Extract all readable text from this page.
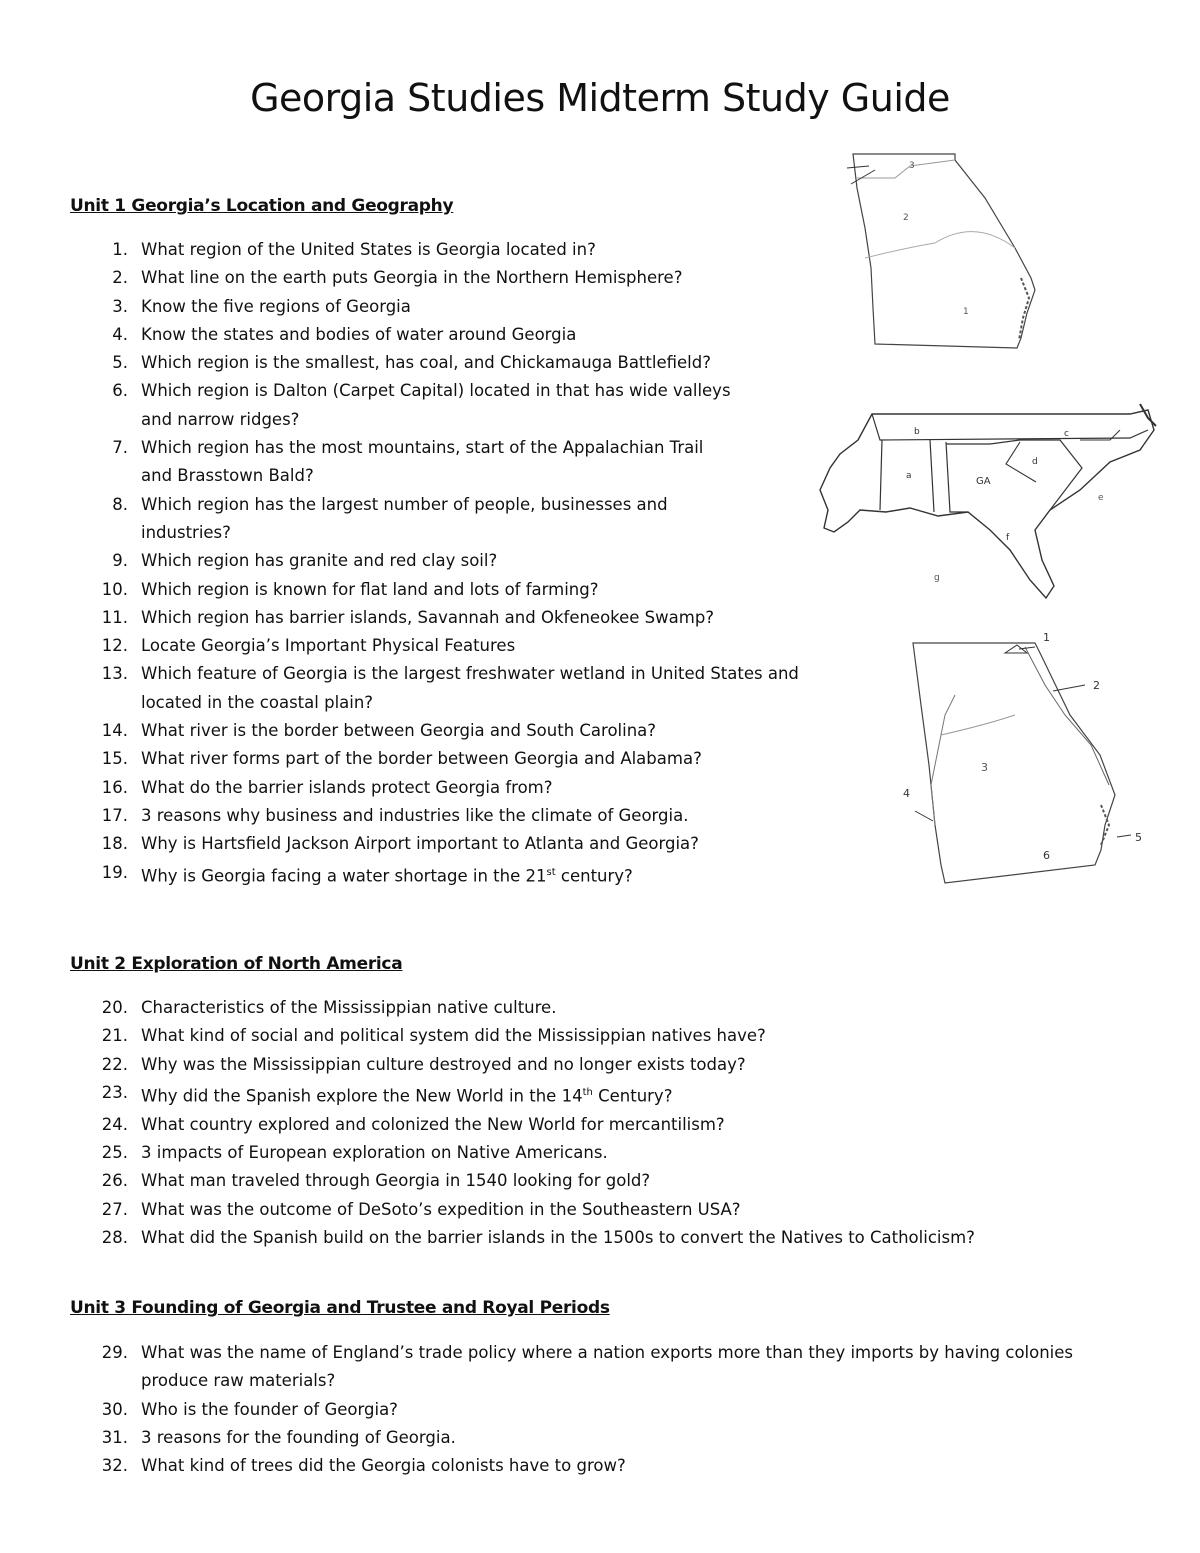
Georgia Studies Midterm Study Guide
Unit 1 Georgia’s Location and Geography
1. What region of the United States is Georgia located in?
2. What line on the earth puts Georgia in the Northern Hemisphere?
3. Know the five regions of Georgia
4. Know the states and bodies of water around Georgia
5. Which region is the smallest, has coal, and Chickamauga Battlefield?
6. Which region is Dalton (Carpet Capital) located in that has wide valleys
and narrow ridges?
7. Which region has the most mountains, start of the Appalachian Trail
and Brasstown Bald?
8. Which region has the largest number of people, businesses and
industries?
9. Which region has granite and red clay soil?
10. Which region is known for flat land and lots of farming?
11. Which region has barrier islands, Savannah and Okfeneokee Swamp?
12. Locate Georgia’s Important Physical Features
13. Which feature of Georgia is the largest freshwater wetland in United States and
located in the coastal plain?
14. What river is the border between Georgia and South Carolina?
15. What river forms part of the border between Georgia and Alabama?
16. What do the barrier islands protect Georgia from?
17. 3 reasons why business and industries like the climate of Georgia.
18. Why is Hartsfield Jackson Airport important to Atlanta and Georgia?
19. Why is Georgia facing a water shortage in the 21st century?
Unit 2 Exploration of North America
20. Characteristics of the Mississippian native culture.
21. What kind of social and political system did the Mississippian natives have?
22. Why was the Mississippian culture destroyed and no longer exists today?
23. Why did the Spanish explore the New World in the 14th Century?
24. What country explored and colonized the New World for mercantilism?
25. 3 impacts of European exploration on Native Americans.
26. What man traveled through Georgia in 1540 looking for gold?
27. What was the outcome of DeSoto’s expedition in the Southeastern USA?
28. What did the Spanish build on the barrier islands in the 1500s to convert the Natives to Catholicism?
Unit 3 Founding of Georgia and Trustee and Royal Periods
29. What was the name of England’s trade policy where a nation exports more than they imports by having colonies
produce raw materials?
30. Who is the founder of Georgia?
31. 3 reasons for the founding of Georgia.
32. What kind of trees did the Georgia colonists have to grow?
3
2
1
b	c
a	GA
d
e
f
g
1
2
3
4
5
6
